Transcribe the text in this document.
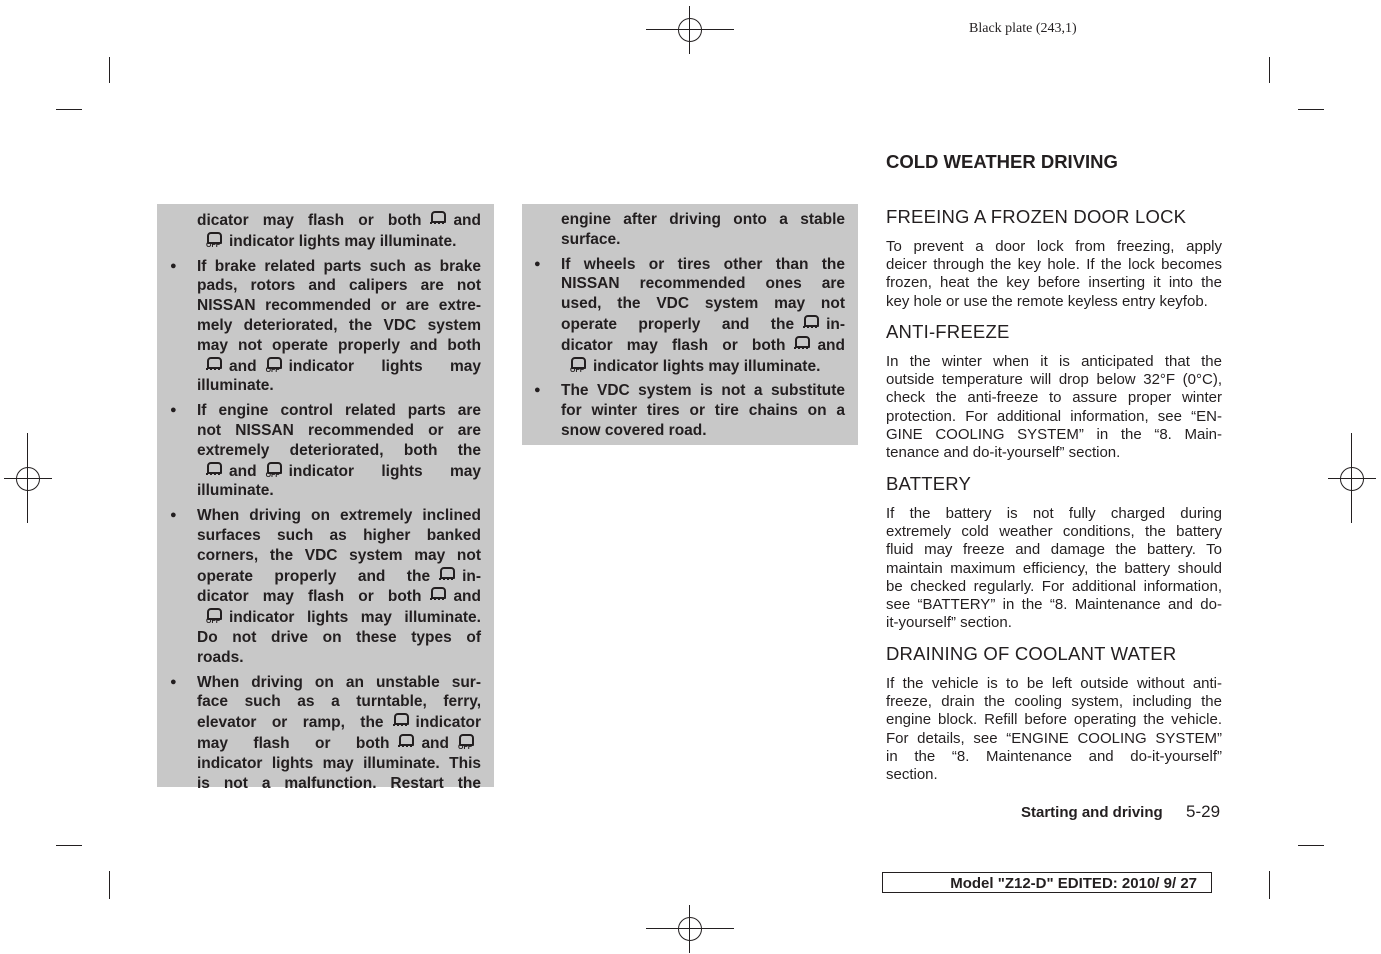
Black plate (243,1)
dicator may flash or both and
OFF indicator lights may illuminate.
● If brake related parts such as brake
pads, rotors and calipers are not
NISSAN recommended or are extre-
mely deteriorated, the VDC system
may not operate properly and both
and OFF indicator lights may
illuminate.
● If engine control related parts are
not NISSAN recommended or are
extremely deteriorated, both the
and OFF indicator lights may
illuminate.
● When driving on extremely inclined
surfaces such as higher banked
corners, the VDC system may not
operate properly and the in-
dicator may flash or both and
OFF indicator lights may illuminate.
Do not drive on these types of
roads.
● When driving on an unstable sur-
face such as a turntable, ferry,
elevator or ramp, the indicator
may flash or both and OFF
indicator lights may illuminate. This
is not a malfunction. Restart the
engine after driving onto a stable
surface.
● If wheels or tires other than the
NISSAN recommended ones are
used, the VDC system may not
operate properly and the in-
dicator may flash or both and
OFF indicator lights may illuminate.
● The VDC system is not a substitute
for winter tires or tire chains on a
snow covered road.
COLD WEATHER DRIVING
FREEING A FROZEN DOOR LOCK
To prevent a door lock from freezing, apply
deicer through the key hole. If the lock becomes
frozen, heat the key before inserting it into the
key hole or use the remote keyless entry keyfob.
ANTI-FREEZE
In the winter when it is anticipated that the
outside temperature will drop below 32°F (0°C),
check the anti-freeze to assure proper winter
protection. For additional information, see “EN-
GINE COOLING SYSTEM” in the “8. Main-
tenance and do-it-yourself” section.
BATTERY
If the battery is not fully charged during
extremely cold weather conditions, the battery
fluid may freeze and damage the battery. To
maintain maximum efficiency, the battery should
be checked regularly. For additional information,
see “BATTERY” in the “8. Maintenance and do-
it-yourself” section.
DRAINING OF COOLANT WATER
If the vehicle is to be left outside without anti-
freeze, drain the cooling system, including the
engine block. Refill before operating the vehicle.
For details, see “ENGINE COOLING SYSTEM”
in the “8. Maintenance and do-it-yourself”
section.
Starting and driving 5-29
Model "Z12-D" EDITED: 2010/ 9/ 27
